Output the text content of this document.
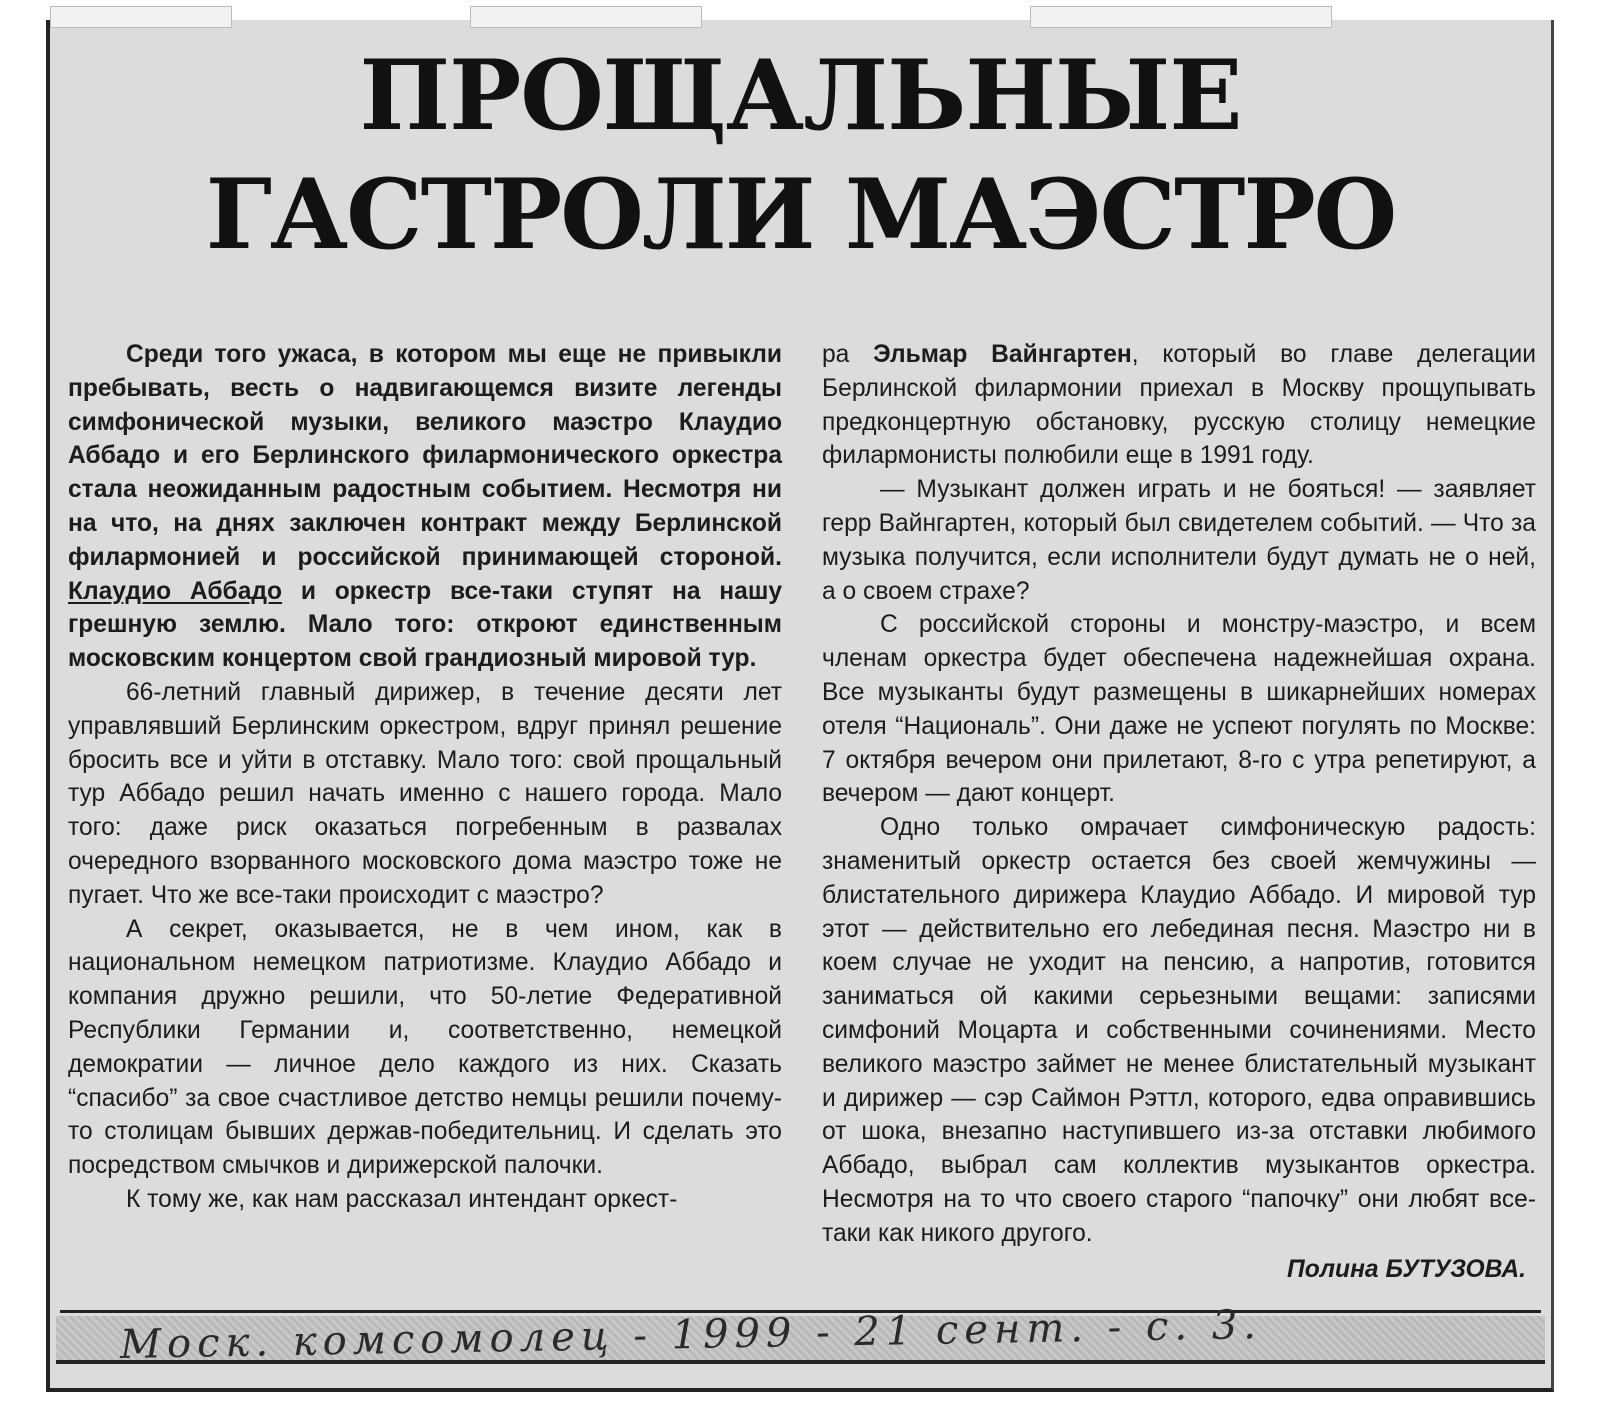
ПРОЩАЛЬНЫЕ
ГАСТРОЛИ МАЭСТРО

Среди того ужаса, в котором мы еще не привыкли пребывать, весть о надвигающемся визите легенды симфонической музыки, великого маэстро Клаудио Аббадо и его Берлинского филармонического оркестра стала неожиданным радостным событием. Несмотря ни на что, на днях заключен контракт между Берлинской филармонией и российской принимающей стороной. Клаудио Аббадо и оркестр все-таки ступят на нашу грешную землю. Мало того: откроют единственным московским концертом свой грандиозный мировой тур.

66-летний главный дирижер, в течение десяти лет управлявший Берлинским оркестром, вдруг принял решение бросить все и уйти в отставку. Мало того: свой прощальный тур Аббадо решил начать именно с нашего города. Мало того: даже риск оказаться погребенным в развалах очередного взорванного московского дома маэстро тоже не пугает. Что же все-таки происходит с маэстро?

А секрет, оказывается, не в чем ином, как в национальном немецком патриотизме. Клаудио Аббадо и компания дружно решили, что 50-летие Федеративной Республики Германии и, соответственно, немецкой демократии — личное дело каждого из них. Сказать “спасибо” за свое счастливое детство немцы решили почему-то столицам бывших держав-победительниц. И сделать это посредством смычков и дирижерской палочки.

К тому же, как нам рассказал интендант оркест-

ра Эльмар Вайнгартен, который во главе делегации Берлинской филармонии приехал в Москву прощупывать предконцертную обстановку, русскую столицу немецкие филармонисты полюбили еще в 1991 году.

— Музыкант должен играть и не бояться! — заявляет герр Вайнгартен, который был свидетелем событий. — Что за музыка получится, если исполнители будут думать не о ней, а о своем страхе?

С российской стороны и монстру-маэстро, и всем членам оркестра будет обеспечена надежнейшая охрана. Все музыканты будут размещены в шикарнейших номерах отеля “Националь”. Они даже не успеют погулять по Москве: 7 октября вечером они прилетают, 8-го с утра репетируют, а вечером — дают концерт.

Одно только омрачает симфоническую радость: знаменитый оркестр остается без своей жемчужины — блистательного дирижера Клаудио Аббадо. И мировой тур этот — действительно его лебединая песня. Маэстро ни в коем случае не уходит на пенсию, а напротив, готовится заниматься ой какими серьезными вещами: записями симфоний Моцарта и собственными сочинениями. Место великого маэстро займет не менее блистательный музыкант и дирижер — сэр Саймон Рэттл, которого, едва оправившись от шока, внезапно наступившего из-за отставки любимого Аббадо, выбрал сам коллектив музыкантов оркестра. Несмотря на то что своего старого “папочку” они любят все-таки как никого другого.

Полина БУТУЗОВА.
Моск. комсомолец - 1999 - 21 сент. - с. 3.
